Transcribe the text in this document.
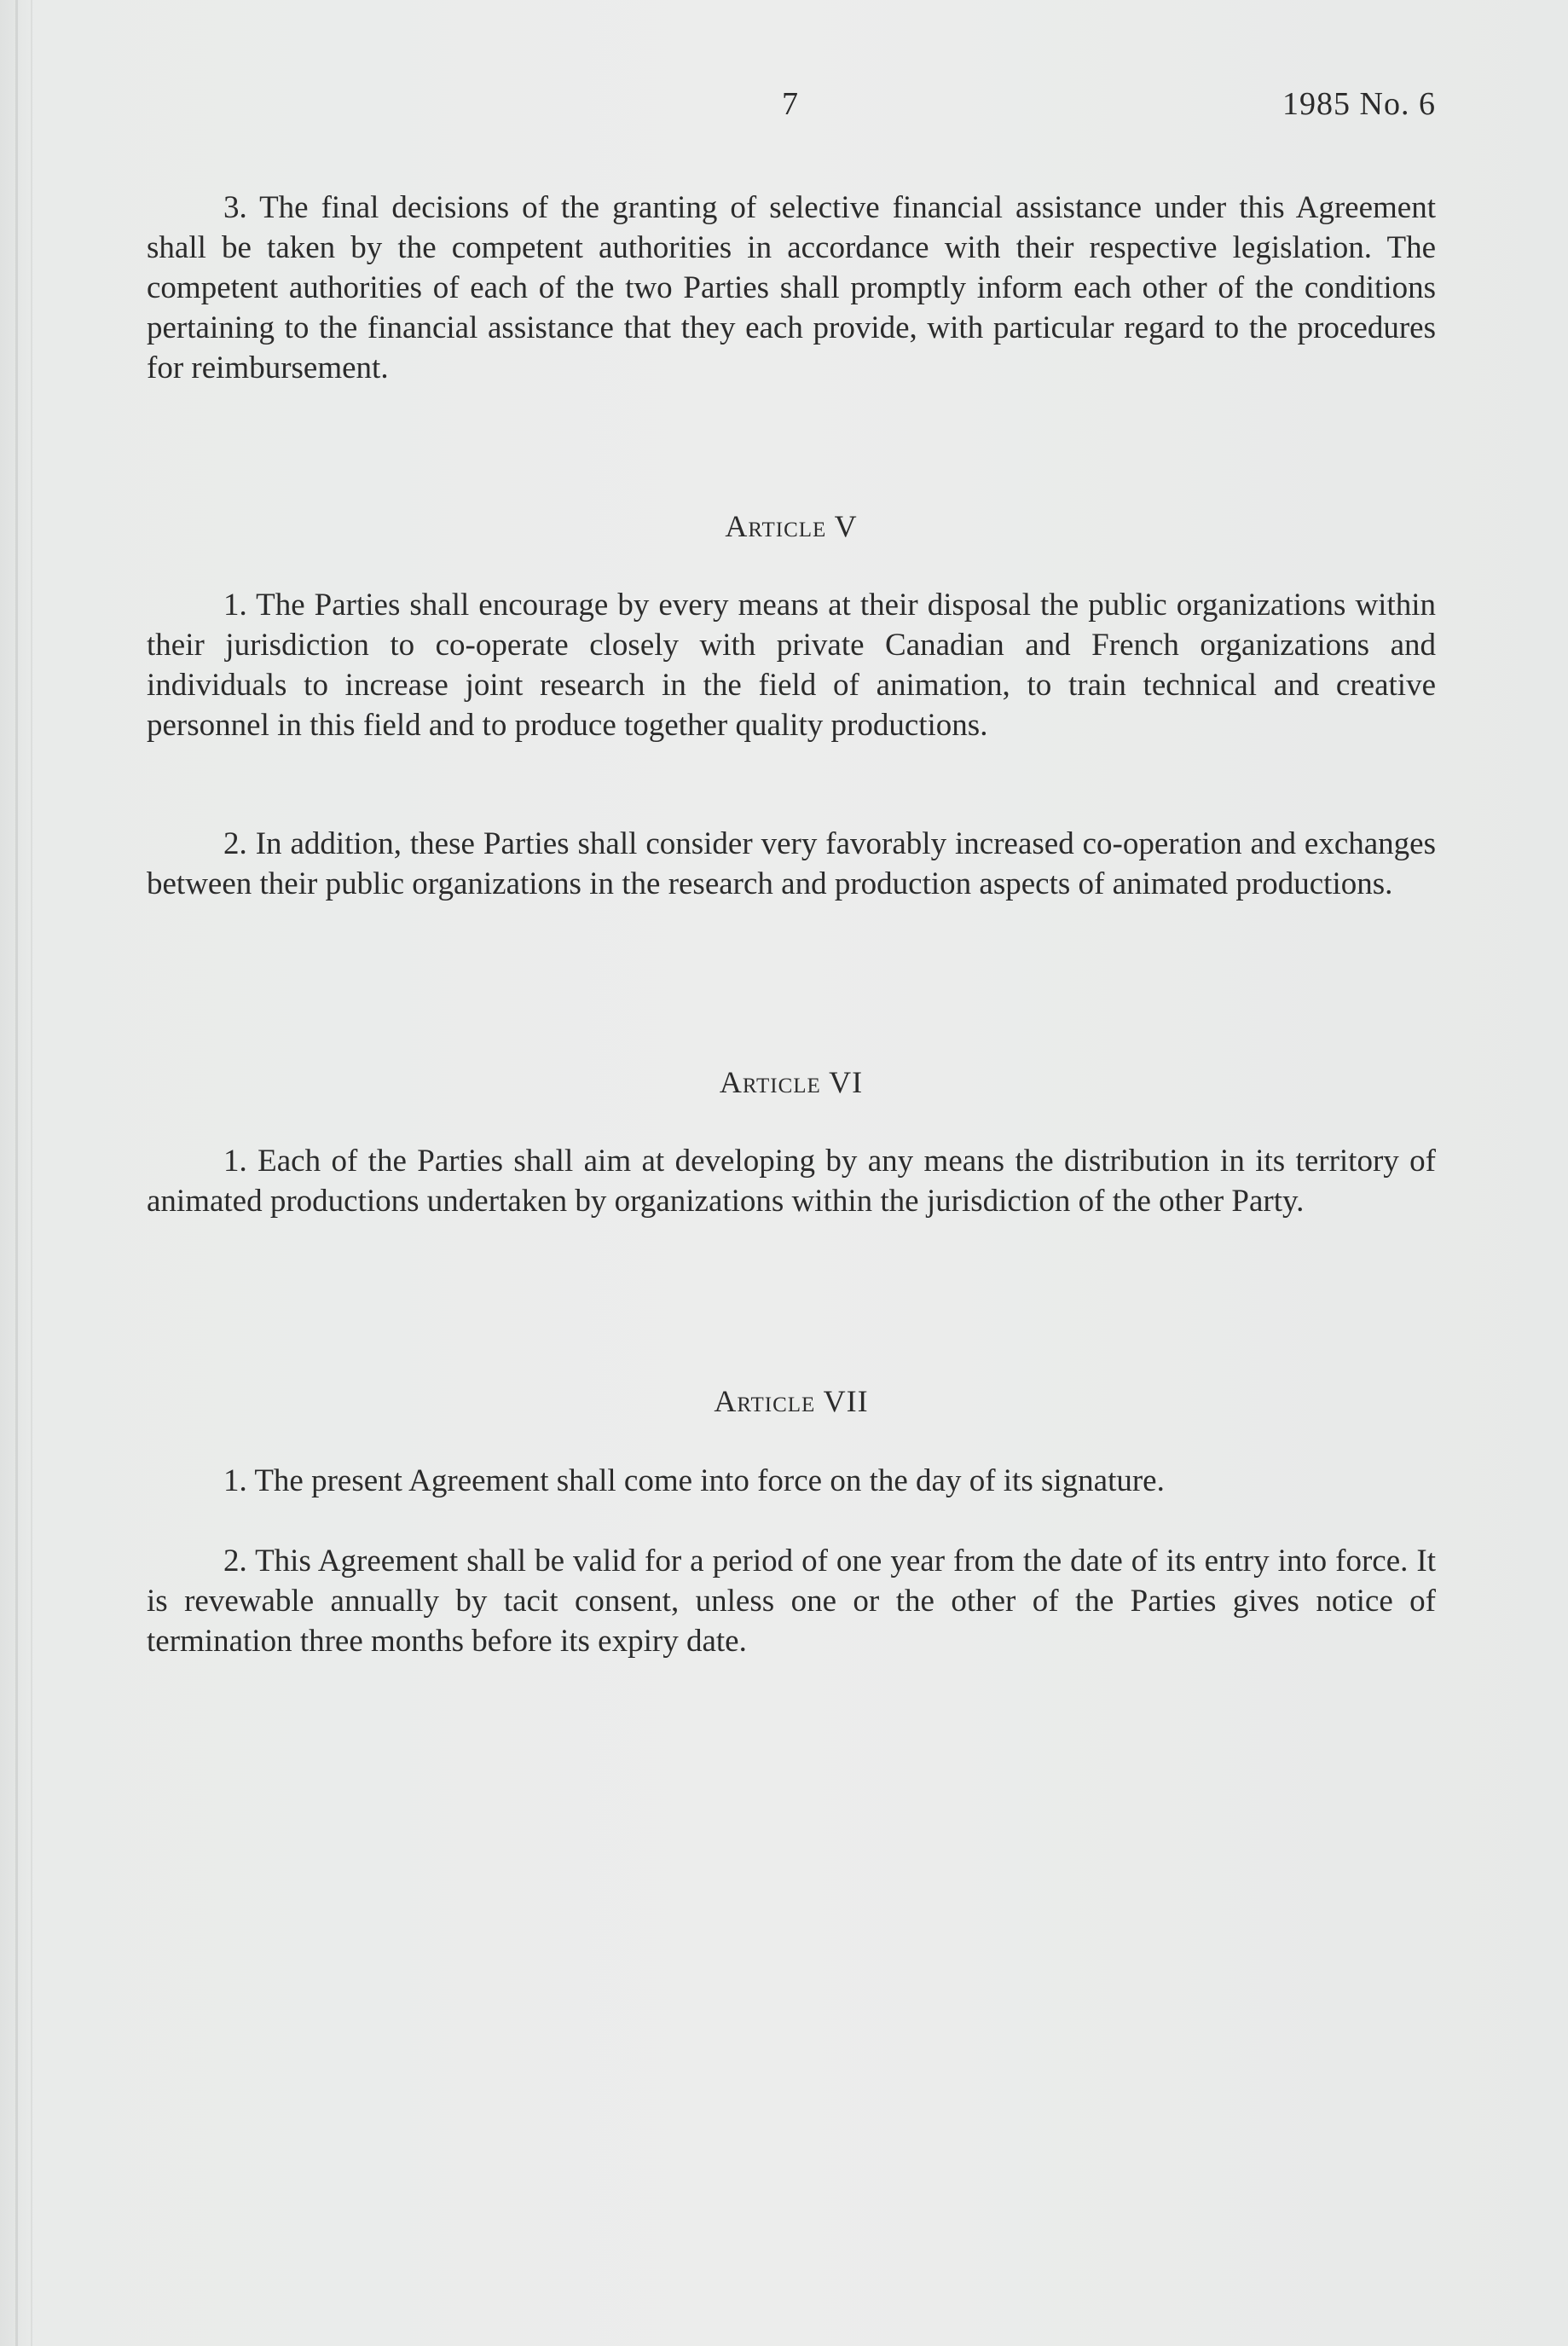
7	1985 No. 6

3. The final decisions of the granting of selective financial assistance under this Agreement shall be taken by the competent authorities in accordance with their respective legislation. The competent authorities of each of the two Parties shall promptly inform each other of the conditions pertaining to the financial assistance that they each provide, with particular regard to the procedures for reimbursement.

Article V

1. The Parties shall encourage by every means at their disposal the public organizations within their jurisdiction to co-operate closely with private Canadian and French organizations and individuals to increase joint research in the field of animation, to train technical and creative personnel in this field and to produce together quality productions.

2. In addition, these Parties shall consider very favorably increased co-operation and exchanges between their public organizations in the research and production aspects of animated productions.

Article VI

1. Each of the Parties shall aim at developing by any means the distribution in its territory of animated productions undertaken by organizations within the jurisdiction of the other Party.

Article VII

1. The present Agreement shall come into force on the day of its signature.

2. This Agreement shall be valid for a period of one year from the date of its entry into force. It is revewable annually by tacit consent, unless one or the other of the Parties gives notice of termination three months before its expiry date.
